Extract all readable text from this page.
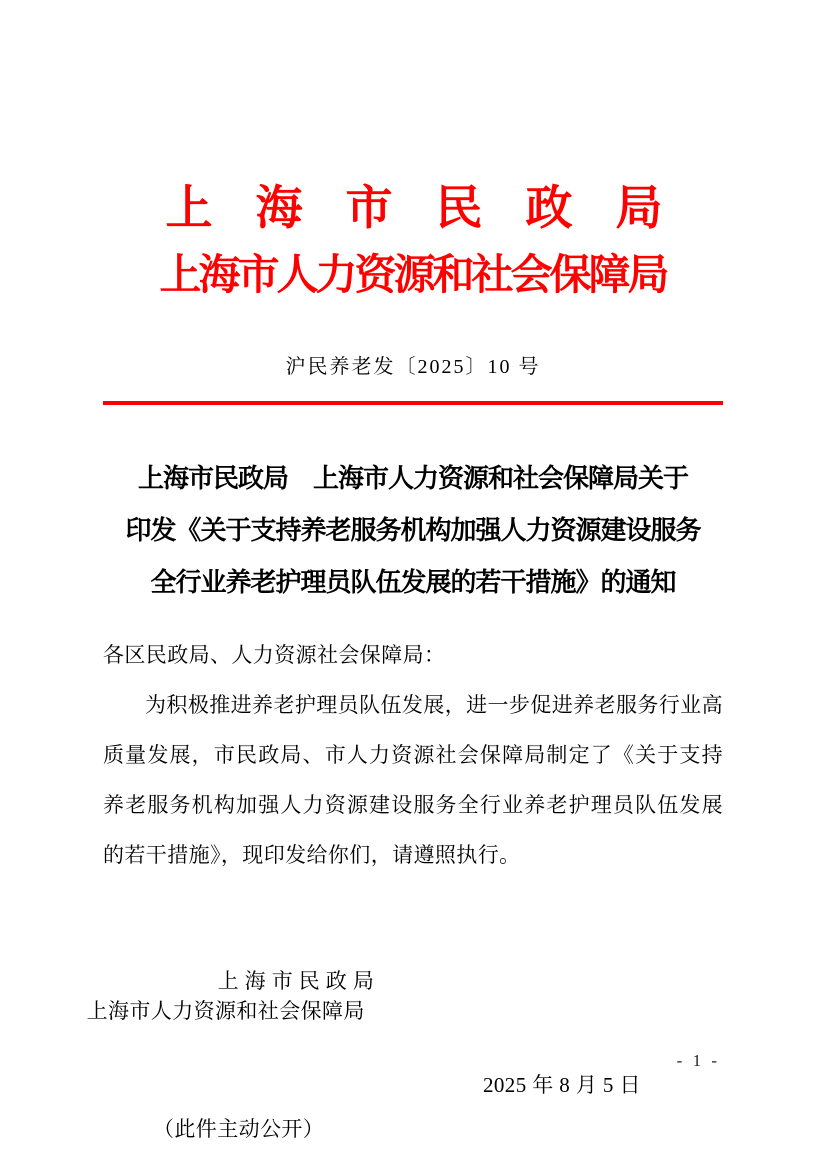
上　海　市　民　政　局
上海市人力资源和社会保障局
沪民养老发〔2025〕10 号
上海市民政局　上海市人力资源和社会保障局关于
印发《关于支持养老服务机构加强人力资源建设服务
全行业养老护理员队伍发展的若干措施》的通知

各区民政局、人力资源社会保障局：

为积极推进养老护理员队伍发展，进一步促进养老服务行业高质量发展，市民政局、市人力资源社会保障局制定了《关于支持养老服务机构加强人力资源建设服务全行业养老护理员队伍发展的若干措施》，现印发给你们，请遵照执行。

上 海 市 民 政 局
上海市人力资源和社会保障局

2025 年 8 月 5 日
（此件主动公开）
- 1 -
